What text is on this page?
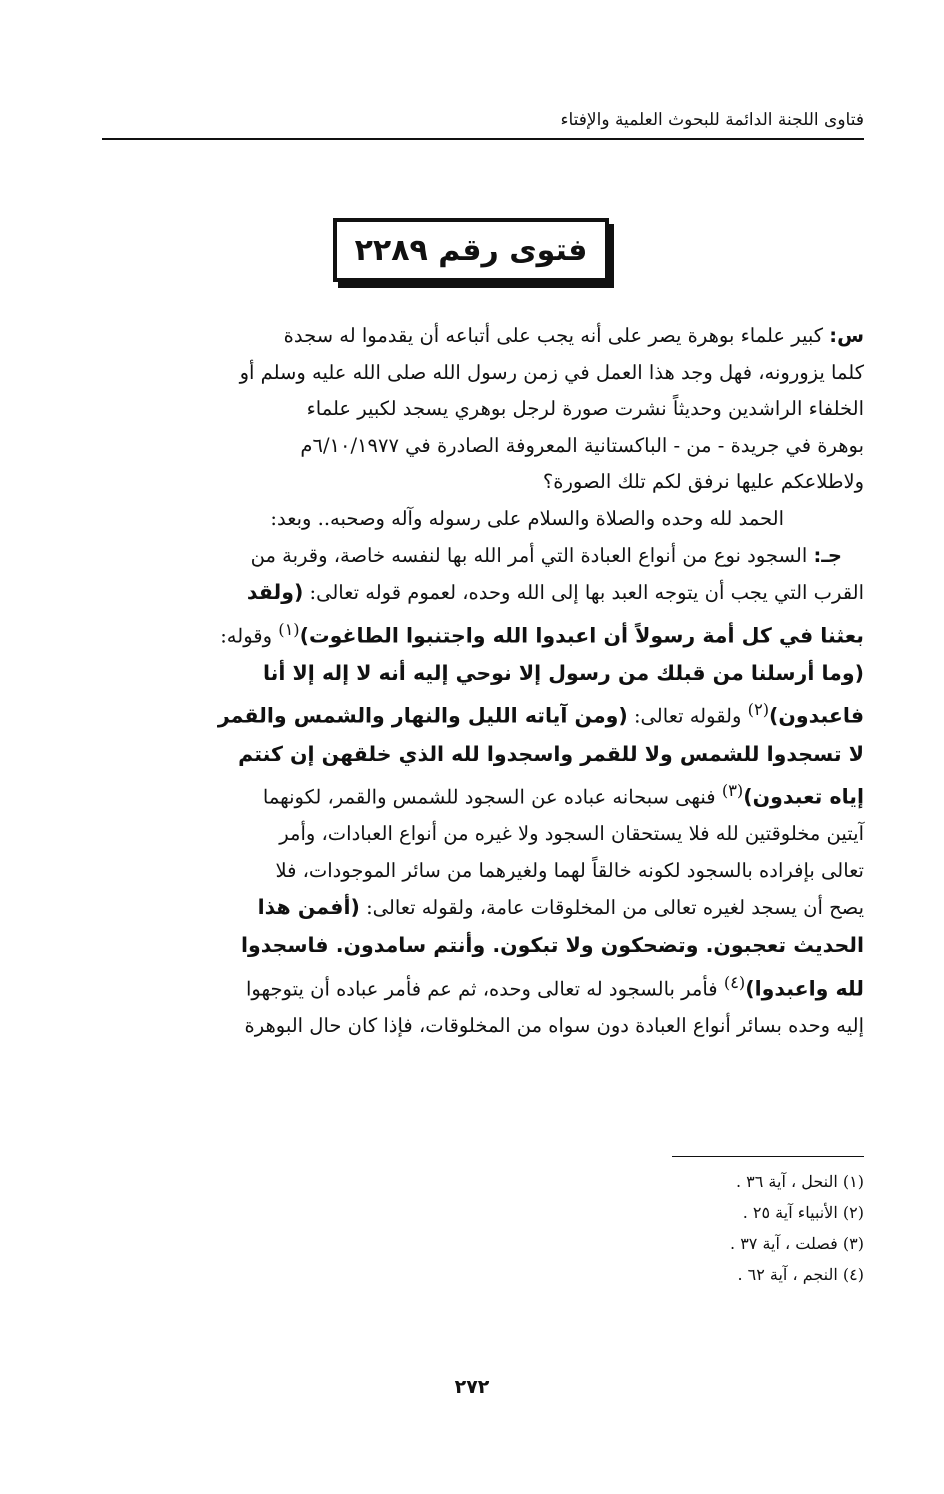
فتاوى اللجنة الدائمة للبحوث العلمية والإفتاء
فتوى رقم ٢٢٨٩

س: كبير علماء بوهرة يصر على أنه يجب على أتباعه أن يقدموا له سجدة
كلما يزورونه، فهل وجد هذا العمل في زمن رسول الله صلى الله عليه وسلم أو
الخلفاء الراشدين وحديثاً نشرت صورة لرجل بوهري يسجد لكبير علماء
بوهرة في جريدة - من - الباكستانية المعروفة الصادرة في ٦/١٠/١٩٧٧م
ولاطلاعكم عليها نرفق لكم تلك الصورة؟

الحمد لله وحده والصلاة والسلام على رسوله وآله وصحبه.. وبعد:

جـ: السجود نوع من أنواع العبادة التي أمر الله بها لنفسه خاصة، وقربة من
القرب التي يجب أن يتوجه العبد بها إلى الله وحده، لعموم قوله تعالى: (ولقد
بعثنا في كل أمة رسولاً أن اعبدوا الله واجتنبوا الطاغوت)$^{(١)}$ وقوله:
(وما أرسلنا من قبلك من رسول إلا نوحي إليه أنه لا إله إلا أنا
فاعبدون)$^{(٢)}$ ولقوله تعالى: (ومن آياته الليل والنهار والشمس والقمر
لا تسجدوا للشمس ولا للقمر واسجدوا لله الذي خلقهن إن كنتم
إياه تعبدون)$^{(٣)}$ فنهى سبحانه عباده عن السجود للشمس والقمر، لكونهما
آيتين مخلوقتين لله فلا يستحقان السجود ولا غيره من أنواع العبادات، وأمر
تعالى بإفراده بالسجود لكونه خالقاً لهما ولغيرهما من سائر الموجودات، فلا
يصح أن يسجد لغيره تعالى من المخلوقات عامة، ولقوله تعالى: (أفمن هذا
الحديث تعجبون. وتضحكون ولا تبكون. وأنتم سامدون. فاسجدوا
لله واعبدوا)$^{(٤)}$ فأمر بالسجود له تعالى وحده، ثم عم فأمر عباده أن يتوجهوا
إليه وحده بسائر أنواع العبادة دون سواه من المخلوقات، فإذا كان حال البوهرة

(١) النحل ، آية ٣٦ .
(٢) الأنبياء آية ٢٥ .
(٣) فصلت ، آية ٣٧ .
(٤) النجم ، آية ٦٢ .
٢٧٢
